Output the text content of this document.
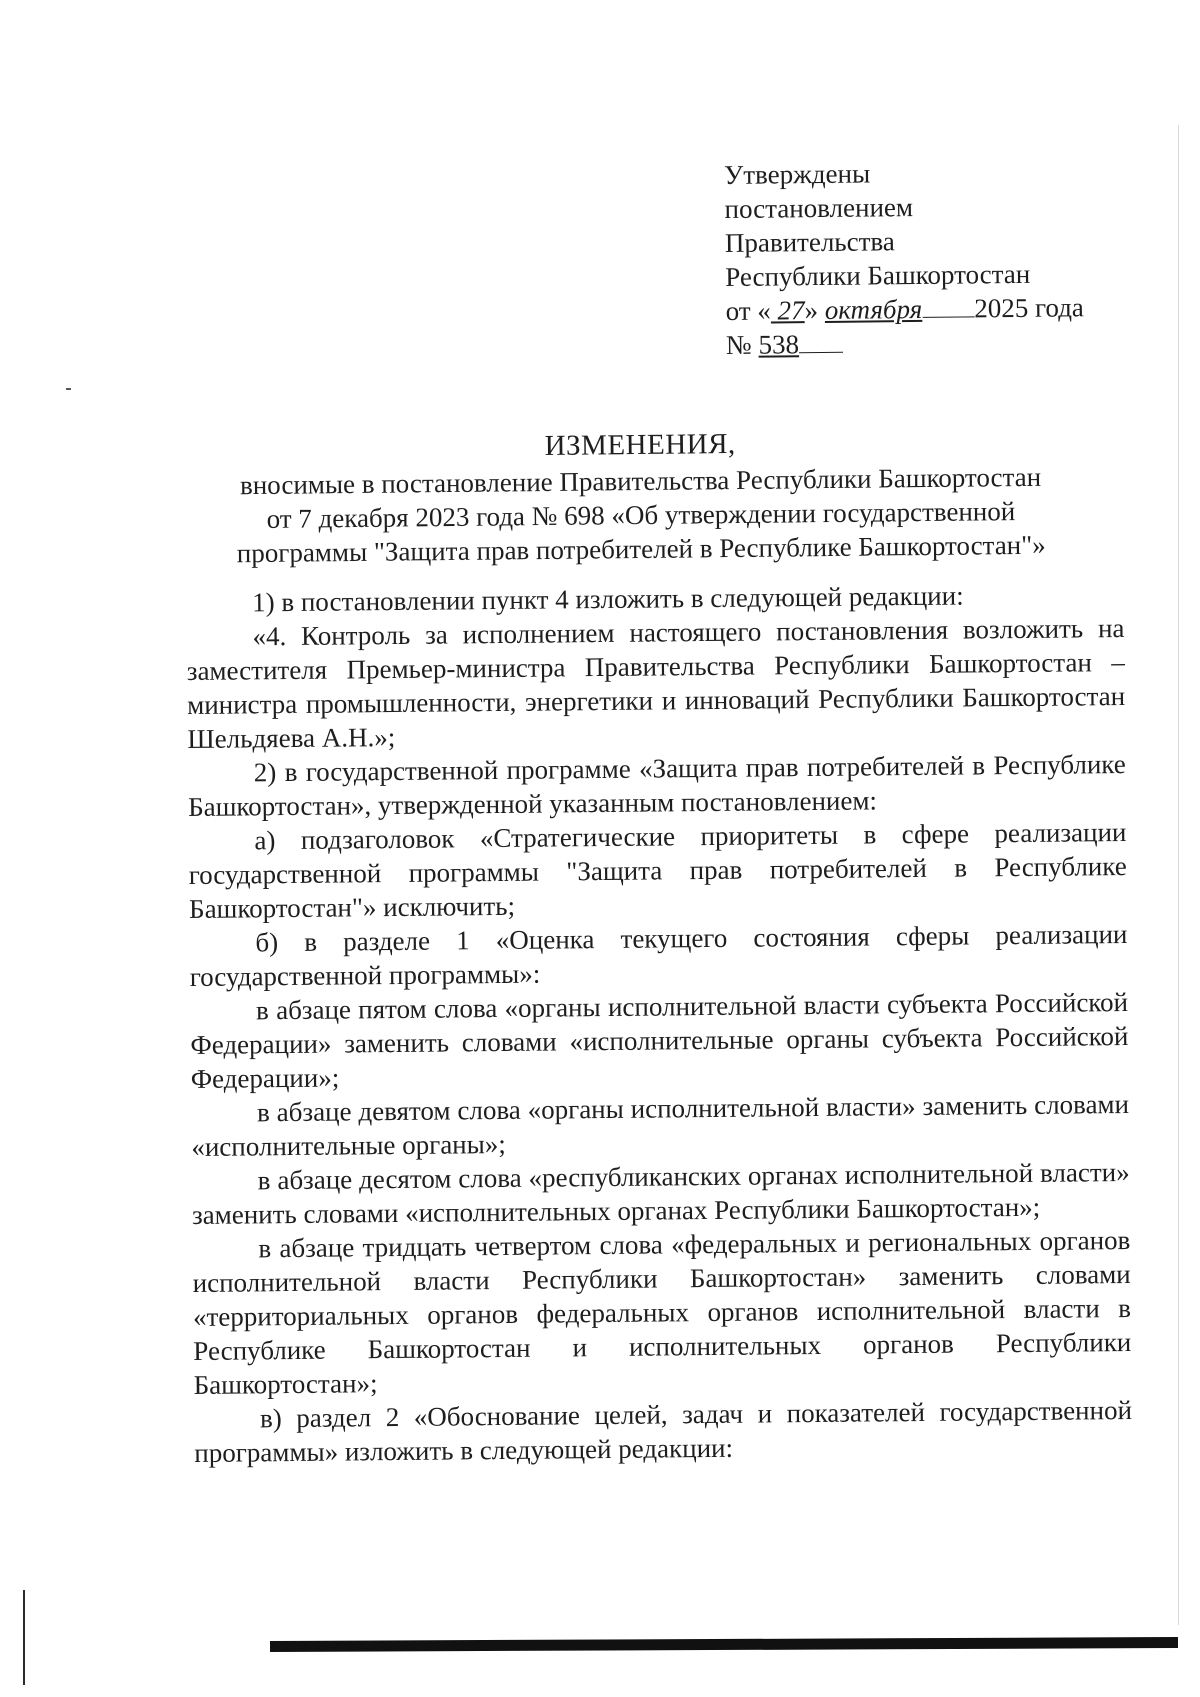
Утверждены
постановлением
Правительства
Республики Башкортостан
от « 27» октября 2025 года
№ 538
ИЗМЕНЕНИЯ,
вносимые в постановление Правительства Республики Башкортостан
от 7 декабря 2023 года № 698 «Об утверждении государственной
программы "Защита прав потребителей в Республике Башкортостан"»

1) в постановлении пункт 4 изложить в следующей редакции:

«4. Контроль за исполнением настоящего постановления возложить на заместителя Премьер-министра Правительства Республики Башкортостан – министра промышленности, энергетики и инноваций Республики Башкортостан Шельдяева А.Н.»;

2) в государственной программе «Защита прав потребителей в Республике Башкортостан», утвержденной указанным постановлением:

а) подзаголовок «Стратегические приоритеты в сфере реализации государственной программы "Защита прав потребителей в Республике Башкортостан"» исключить;

б) в разделе 1 «Оценка текущего состояния сферы реализации государственной программы»:

в абзаце пятом слова «органы исполнительной власти субъекта Российской Федерации» заменить словами «исполнительные органы субъекта Российской Федерации»;

в абзаце девятом слова «органы исполнительной власти» заменить словами «исполнительные органы»;

в абзаце десятом слова «республиканских органах исполнительной власти» заменить словами «исполнительных органах Республики Башкортостан»;

в абзаце тридцать четвертом слова «федеральных и региональных органов исполнительной власти Республики Башкортостан» заменить словами «территориальных органов федеральных органов исполнительной власти в Республике Башкортостан и исполнительных органов Республики Башкортостан»;

в) раздел 2 «Обоснование целей, задач и показателей государственной программы» изложить в следующей редакции:
